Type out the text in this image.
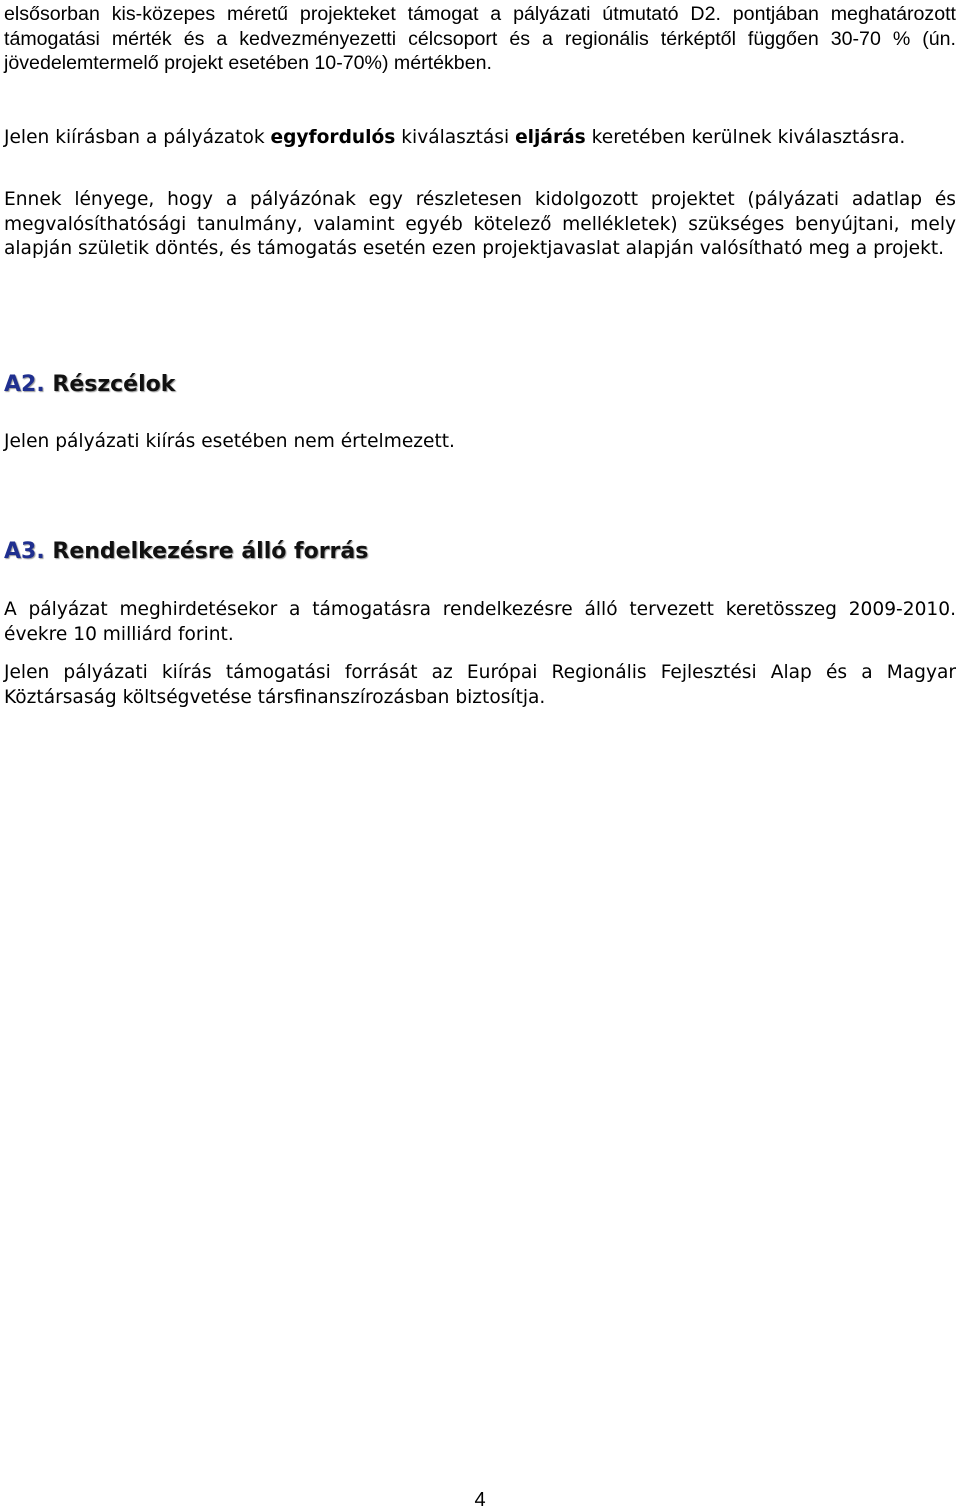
elsősorban kis-közepes méretű projekteket támogat a pályázati útmutató D2. pontjában meghatározott támogatási mérték és a kedvezményezetti célcsoport és a regionális térképtől függően 30-70 % (ún. jövedelemtermelő projekt esetében 10-70%) mértékben.

Jelen kiírásban a pályázatok egyfordulós kiválasztási eljárás keretében kerülnek kiválasztásra.

Ennek lényege, hogy a pályázónak egy részletesen kidolgozott projektet (pályázati adatlap és megvalósíthatósági tanulmány, valamint egyéb kötelező mellékletek) szükséges benyújtani, mely alapján születik döntés, és támogatás esetén ezen projektjavaslat alapján valósítható meg a projekt.

A2. Részcélok

Jelen pályázati kiírás esetében nem értelmezett.

A3. Rendelkezésre álló forrás

A pályázat meghirdetésekor a támogatásra rendelkezésre álló tervezett keretösszeg 2009-2010. évekre 10 milliárd forint.

Jelen pályázati kiírás támogatási forrását az Európai Regionális Fejlesztési Alap és a Magyar Köztársaság költségvetése társfinanszírozásban biztosítja.

4
